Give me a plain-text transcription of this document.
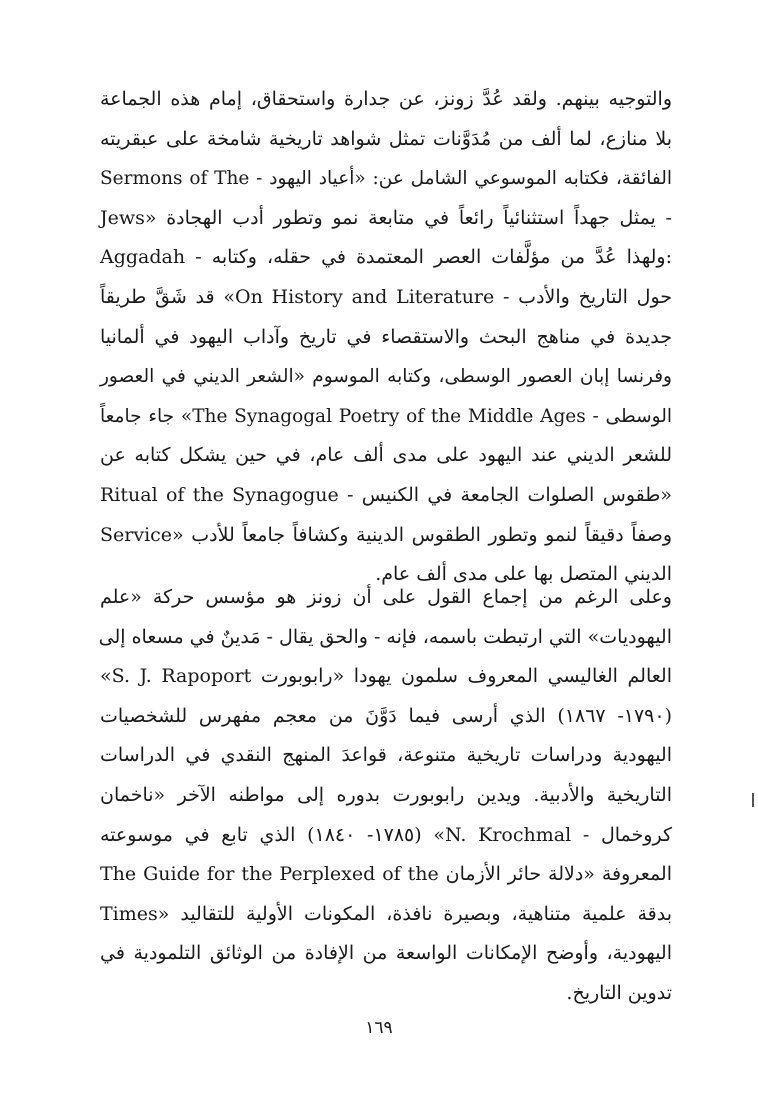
والتوجيه بينهم. ولقد عُدَّ زونز، عن جدارة واستحقاق، إمام هذه الجماعة
بلا منازع، لما ألف من مُدَوَّنات تمثل شواهد تاريخية شامخة على عبقريته
الفائقة، فكتابه الموسوعي الشامل عن: «أعياد اليهود - Sermons of The
Jews» يمثل جهداً استثنائياً رائعاً في متابعة نمو وتطور أدب الهجادة -
Aggadah - ولهذا عُدَّ من مؤلَّفات العصر المعتمدة في حقله، وكتابه:
حول التاريخ والأدب - On History and Literature» قد شَقَّ طريقاً
جديدة في مناهج البحث والاستقصاء في تاريخ وآداب اليهود في ألمانيا
وفرنسا إبان العصور الوسطى، وكتابه الموسوم «الشعر الديني في العصور
الوسطى - The Synagogal Poetry of the Middle Ages» جاء جامعاً
للشعر الديني عند اليهود على مدى ألف عام، في حين يشكل كتابه عن
«طقوس الصلوات الجامعة في الكنيس - Ritual of the Synagogue
Service» وصفاً دقيقاً لنمو وتطور الطقوس الدينية وكشافاً جامعاً للأدب
الديني المتصل بها على مدى ألف عام.
وعلى الرغم من إجماع القول على أن زونز هو مؤسس حركة «علم
اليهوديات» التي ارتبطت باسمه، فإنه - والحق يقال - مَدينٌ في مسعاه إلى
العالم الغاليسي المعروف سلمون يهودا «رابوبورت S. J. Rapoport»
(١٧٩٠- ١٨٦٧) الذي أرسى فيما دَوَّنَ من معجم مفهرس للشخصيات
اليهودية ودراسات تاريخية متنوعة، قواعدَ المنهج النقدي في الدراسات
التاريخية والأدبية. ويدين رابوبورت بدوره إلى مواطنه الآخر «ناخمان
كروخمال - N. Krochmal» (١٧٨٥- ١٨٤٠) الذي تابع في موسوعته
المعروفة «دلالة حائر الأزمان The Guide for the Perplexed of the
Times» بدقة علمية متناهية، وبصيرة نافذة، المكونات الأولية للتقاليد
اليهودية، وأوضح الإمكانات الواسعة من الإفادة من الوثائق التلمودية في
تدوين التاريخ.
١٦٩
